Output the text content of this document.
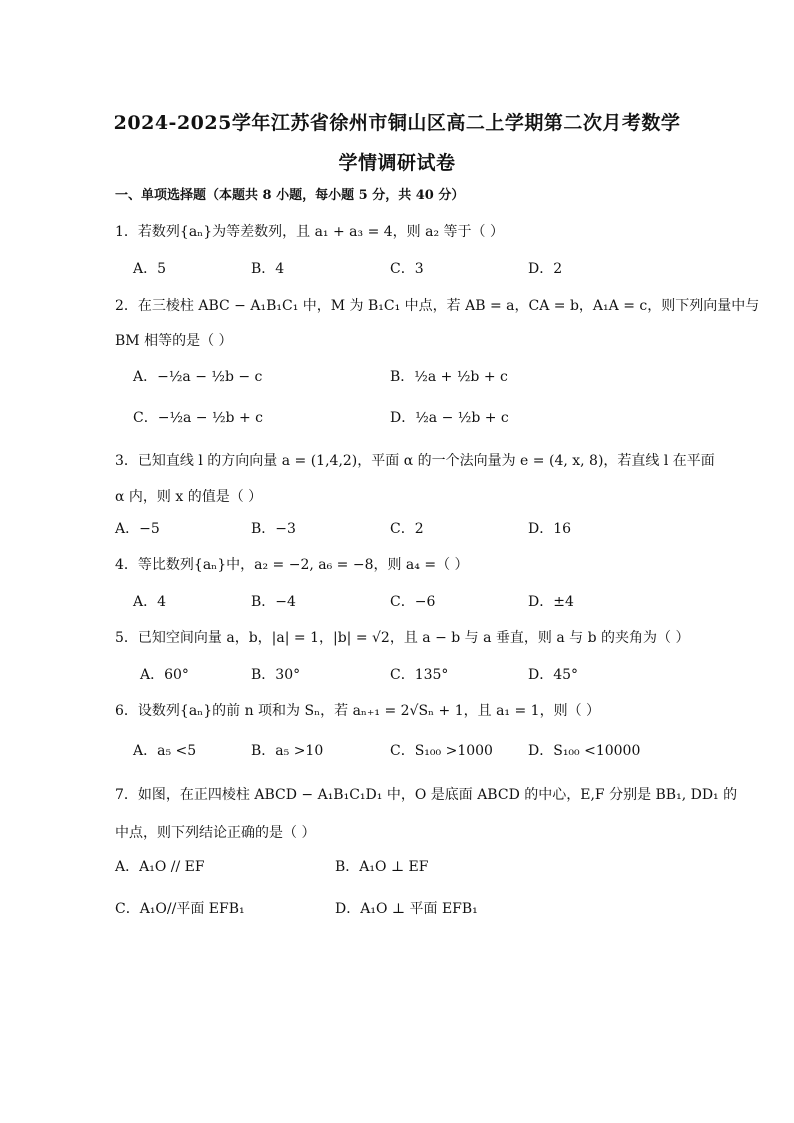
2024-2025学年江苏省徐州市铜山区高二上学期第二次月考数学
学情调研试卷
一、单项选择题（本题共 8 小题，每小题 5 分，共 40 分）
1．若数列{aₙ}为等差数列，且 a₁ + a₃ = 4，则 a₂ 等于（ ）
A．5	B．4	C．3	D．2
2．在三棱柱 ABC − A₁B₁C₁ 中，M 为 B₁C₁ 中点，若 AB = a，CA = b，A₁A = c，则下列向量中与
BM 相等的是（ ）
A．−½a − ½b − c	B．½a + ½b + c
C．−½a − ½b + c	D．½a − ½b + c
3．已知直线 l 的方向向量 a = (1,4,2)，平面 α 的一个法向量为 e = (4, x, 8)，若直线 l 在平面
α 内，则 x 的值是（ ）
A．−5	B．−3	C．2	D．16
4．等比数列{aₙ}中，a₂ = −2, a₆ = −8，则 a₄ =（ ）
A．4	B．−4	C．−6	D．±4
5．已知空间向量 a，b，|a| = 1，|b| = √2，且 a − b 与 a 垂直，则 a 与 b 的夹角为（ ）
A．60°	B．30°	C．135°	D．45°
6．设数列{aₙ}的前 n 项和为 Sₙ，若 aₙ₊₁ = 2√Sₙ + 1，且 a₁ = 1，则（ ）
A．a₅ <5	B．a₅ >10	C．S₁₀₀ >1000	D．S₁₀₀ <10000
7．如图，在正四棱柱 ABCD − A₁B₁C₁D₁ 中，O 是底面 ABCD 的中心，E,F 分别是 BB₁, DD₁ 的
中点，则下列结论正确的是（ ）
A．A₁O // EF	B．A₁O ⊥ EF
C．A₁O//平面 EFB₁	D．A₁O ⊥ 平面 EFB₁
